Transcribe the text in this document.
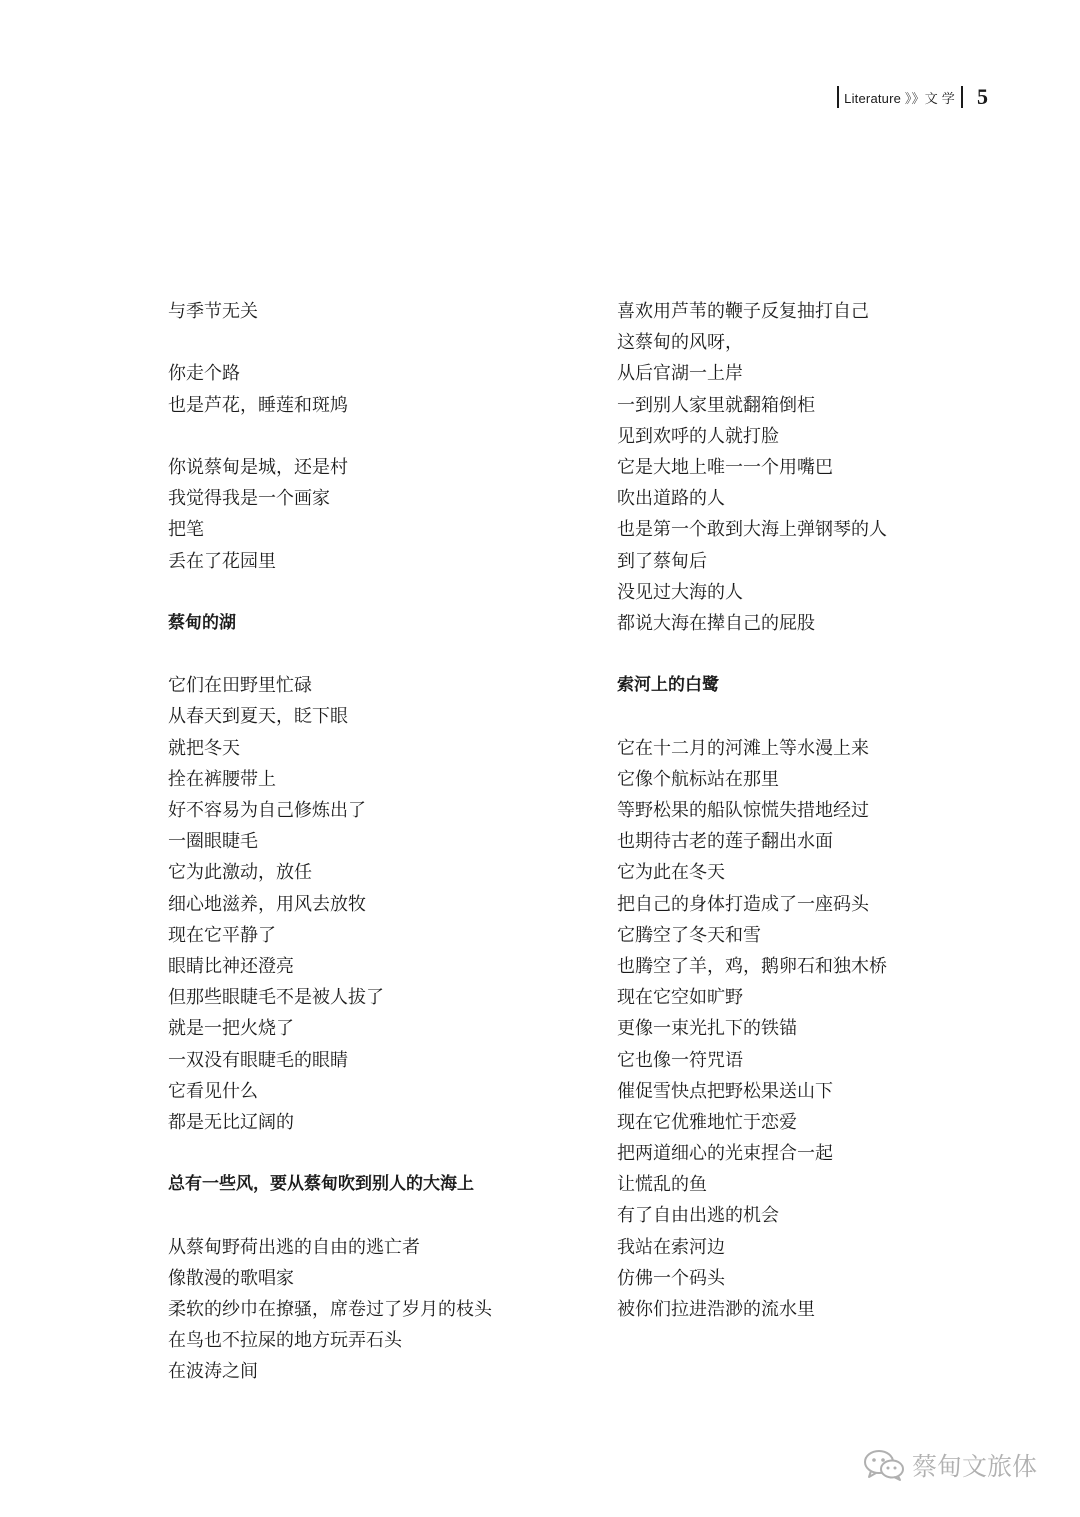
Literature 》》文 学 5
与季节无关
你走个路
也是芦花，睡莲和斑鸠
你说蔡甸是城，还是村
我觉得我是一个画家
把笔
丢在了花园里
蔡甸的湖
它们在田野里忙碌
从春天到夏天，眨下眼
就把冬天
拴在裤腰带上
好不容易为自己修炼出了
一圈眼睫毛
它为此激动，放任
细心地滋养，用风去放牧
现在它平静了
眼睛比神还澄亮
但那些眼睫毛不是被人拔了
就是一把火烧了
一双没有眼睫毛的眼睛
它看见什么
都是无比辽阔的
总有一些风，要从蔡甸吹到别人的大海上
从蔡甸野荷出逃的自由的逃亡者
像散漫的歌唱家
柔软的纱巾在撩骚，席卷过了岁月的枝头
在鸟也不拉屎的地方玩弄石头
在波涛之间
喜欢用芦苇的鞭子反复抽打自己
这蔡甸的风呀，
从后官湖一上岸
一到别人家里就翻箱倒柜
见到欢呼的人就打脸
它是大地上唯一一个用嘴巴
吹出道路的人
也是第一个敢到大海上弹钢琴的人
到了蔡甸后
没见过大海的人
都说大海在撵自己的屁股
索河上的白鹭
它在十二月的河滩上等水漫上来
它像个航标站在那里
等野松果的船队惊慌失措地经过
也期待古老的莲子翻出水面
它为此在冬天
把自己的身体打造成了一座码头
它腾空了冬天和雪
也腾空了羊，鸡，鹅卵石和独木桥
现在它空如旷野
更像一束光扎下的铁锚
它也像一符咒语
催促雪快点把野松果送山下
现在它优雅地忙于恋爱
把两道细心的光束捏合一起
让慌乱的鱼
有了自由出逃的机会
我站在索河边
仿佛一个码头
被你们拉进浩渺的流水里
蔡甸文旅体
